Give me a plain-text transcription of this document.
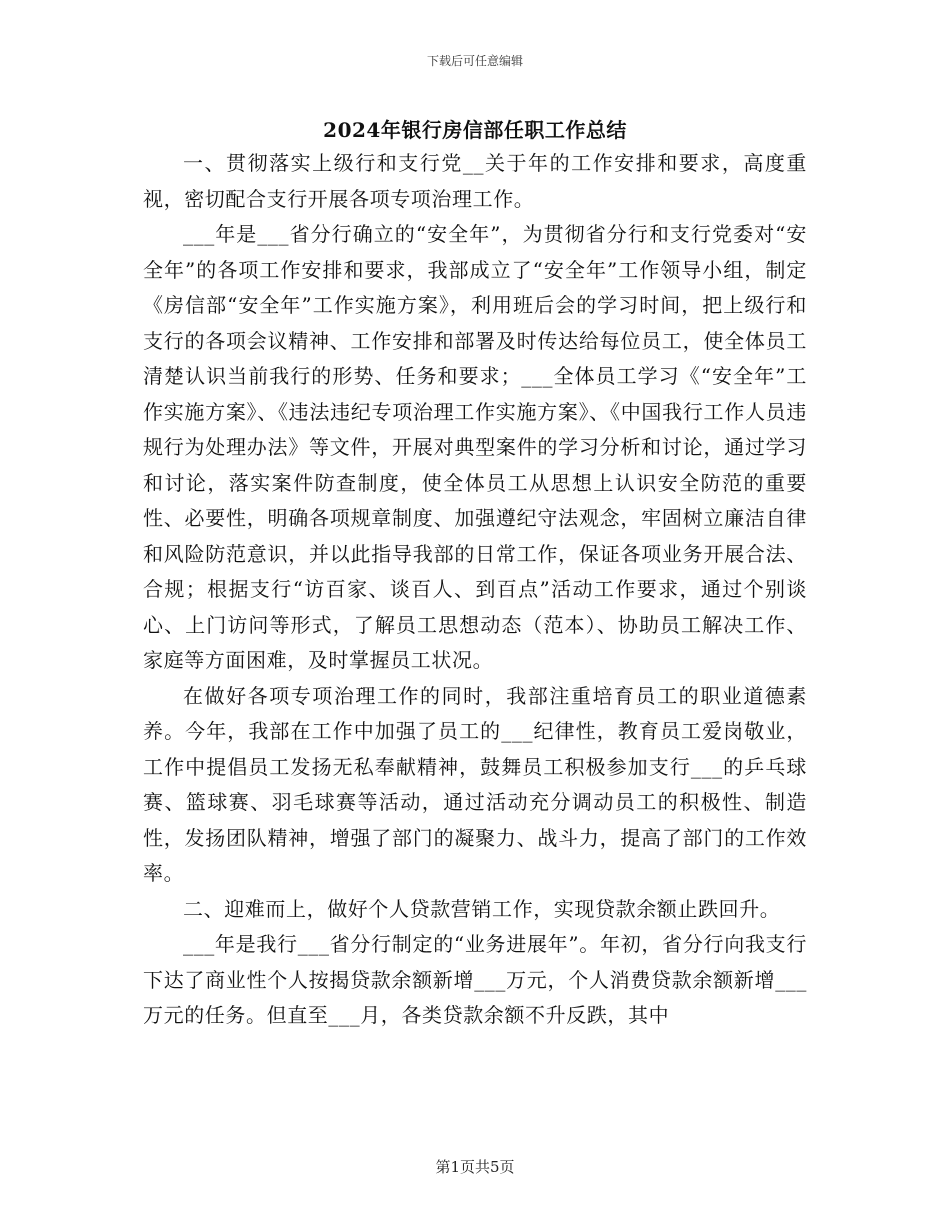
下载后可任意编辑
2024年银行房信部任职工作总结

一、贯彻落实上级行和支行党__关于年的工作安排和要求，高度重视，密切配合支行开展各项专项治理工作。

___年是___省分行确立的“安全年”，为贯彻省分行和支行党委对“安全年”的各项工作安排和要求，我部成立了“安全年”工作领导小组，制定《房信部“安全年”工作实施方案》，利用班后会的学习时间，把上级行和支行的各项会议精神、工作安排和部署及时传达给每位员工，使全体员工清楚认识当前我行的形势、任务和要求；___全体员工学习《“安全年”工作实施方案》、《违法违纪专项治理工作实施方案》、《中国我行工作人员违规行为处理办法》等文件，开展对典型案件的学习分析和讨论，通过学习和讨论，落实案件防查制度，使全体员工从思想上认识安全防范的重要性、必要性，明确各项规章制度、加强遵纪守法观念，牢固树立廉洁自律和风险防范意识，并以此指导我部的日常工作，保证各项业务开展合法、合规；根据支行“访百家、谈百人、到百点”活动工作要求，通过个别谈心、上门访问等形式，了解员工思想动态（范本）、协助员工解决工作、家庭等方面困难，及时掌握员工状况。

在做好各项专项治理工作的同时，我部注重培育员工的职业道德素养。今年，我部在工作中加强了员工的___纪律性，教育员工爱岗敬业，工作中提倡员工发扬无私奉献精神，鼓舞员工积极参加支行___的乒乓球赛、篮球赛、羽毛球赛等活动，通过活动充分调动员工的积极性、制造性，发扬团队精神，增强了部门的凝聚力、战斗力，提高了部门的工作效率。

二、迎难而上，做好个人贷款营销工作，实现贷款余额止跌回升。

___年是我行___省分行制定的“业务进展年”。年初，省分行向我支行下达了商业性个人按揭贷款余额新增___万元，个人消费贷款余额新增___万元的任务。但直至___月，各类贷款余额不升反跌，其中

第1页共5页
